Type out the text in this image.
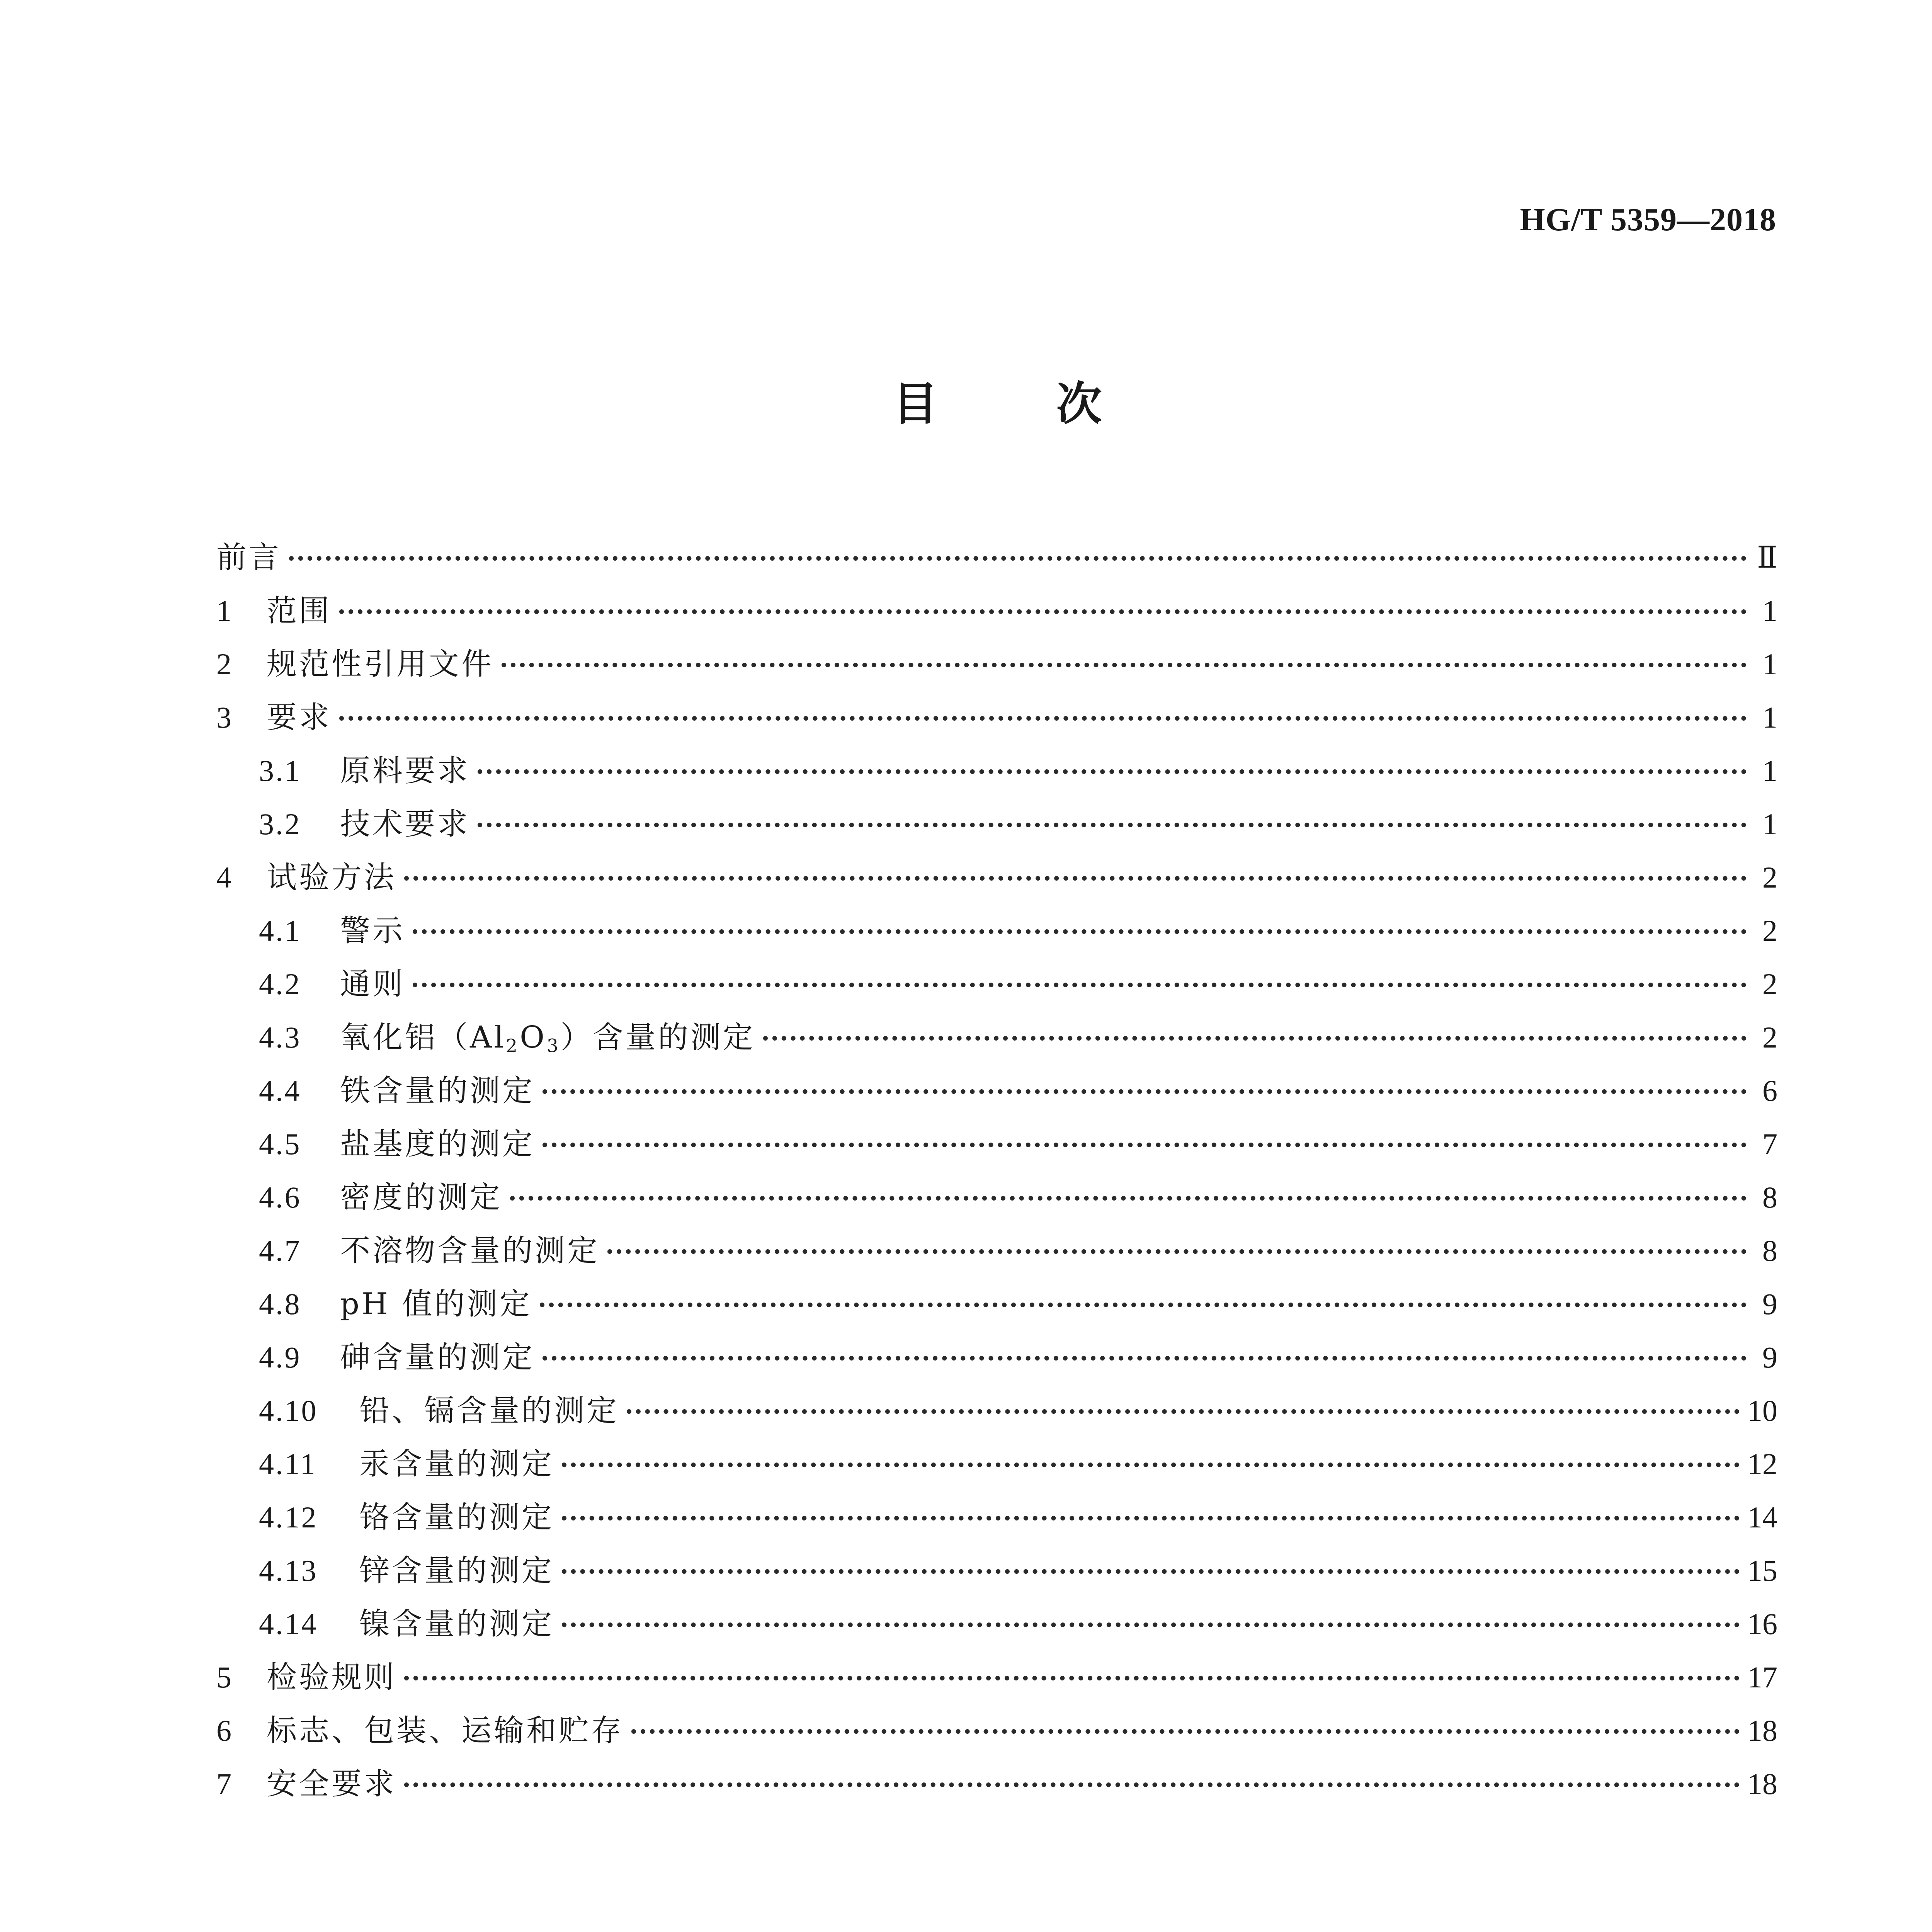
HG/T 5359—2018
目	次
前言	Ⅱ
1	范围	1
2	规范性引用文件	1
3	要求	1
3.1	原料要求	1
3.2	技术要求	1
4	试验方法	2
4.1	警示	2
4.2	通则	2
4.3	氧化铝$(Al_2O_3)$含量的测定	2
4.4	铁含量的测定	6
4.5	盐基度的测定	7
4.6	密度的测定	8
4.7	不溶物含量的测定	8
4.8	pH 值的测定	9
4.9	砷含量的测定	9
4.10	铅、镉含量的测定	10
4.11	汞含量的测定	12
4.12	铬含量的测定	14
4.13	锌含量的测定	15
4.14	镍含量的测定	16
5	检验规则	17
6	标志、包装、运输和贮存	18
7	安全要求	18
